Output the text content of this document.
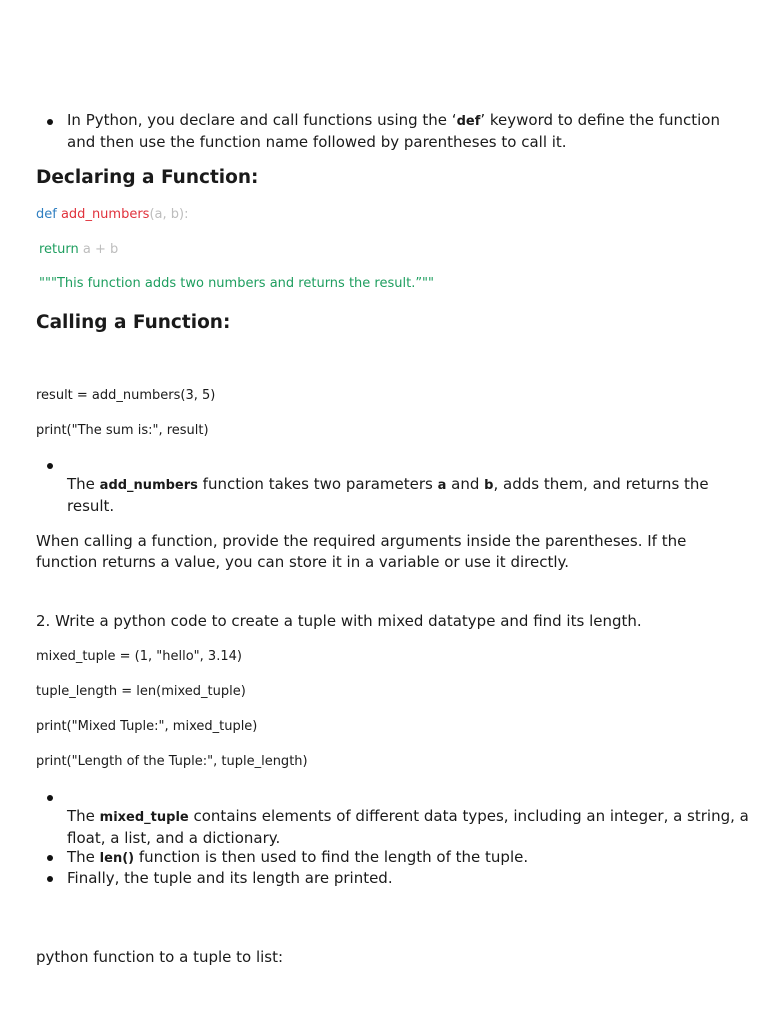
In Python, you declare and call functions using the ‘def’ keyword to define the function
and then use the function name followed by parentheses to call it.
Declaring a Function:
def add_numbers(a, b):
return a + b
"""This function adds two numbers and returns the result.”""
Calling a Function:
result = add_numbers(3, 5)
print("The sum is:", result)
The add_numbers function takes two parameters a and b, adds them, and returns the
result.
When calling a function, provide the required arguments inside the parentheses. If the
function returns a value, you can store it in a variable or use it directly.
2. Write a python code to create a tuple with mixed datatype and find its length.
mixed_tuple = (1, "hello", 3.14)
tuple_length = len(mixed_tuple)
print("Mixed Tuple:", mixed_tuple)
print("Length of the Tuple:", tuple_length)
The mixed_tuple contains elements of different data types, including an integer, a string, a
float, a list, and a dictionary.
The len() function is then used to find the length of the tuple.
Finally, the tuple and its length are printed.
python function to a tuple to list:
